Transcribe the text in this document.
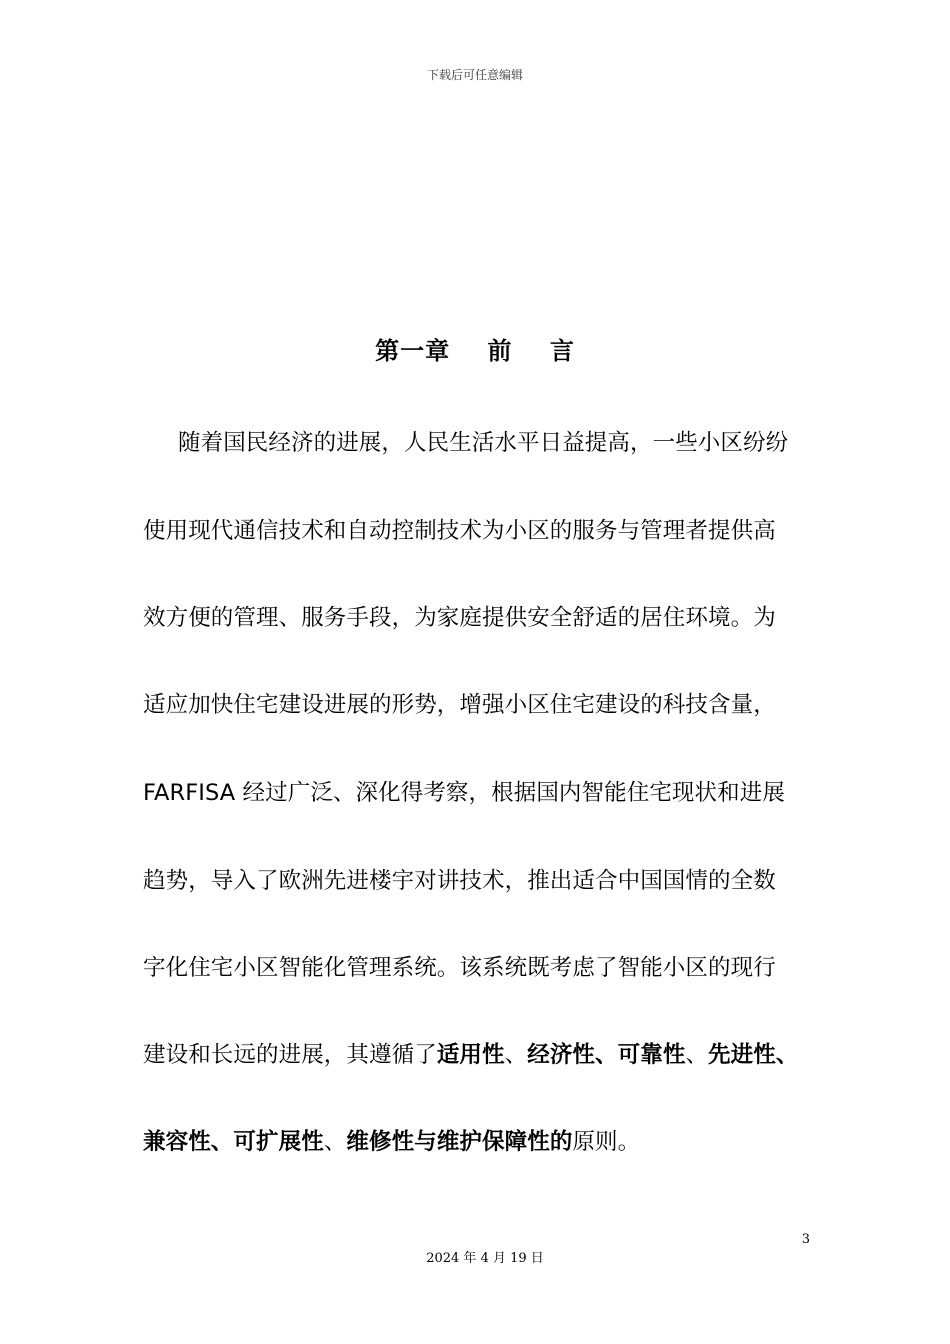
下载后可任意编辑
第一章    前    言
随着国民经济的进展，人民生活水平日益提高，一些小区纷纷
使用现代通信技术和自动控制技术为小区的服务与管理者提供高
效方便的管理、服务手段，为家庭提供安全舒适的居住环境。为
适应加快住宅建设进展的形势，增强小区住宅建设的科技含量，
FARFISA 经过广泛、深化得考察，根据国内智能住宅现状和进展
趋势，导入了欧洲先进楼宇对讲技术，推出适合中国国情的全数
字化住宅小区智能化管理系统。该系统既考虑了智能小区的现行
建设和长远的进展，其遵循了适用性、经济性、可靠性、先进性、
兼容性、可扩展性、维修性与维护保障性的原则。
3
2024 年 4 月 19 日
